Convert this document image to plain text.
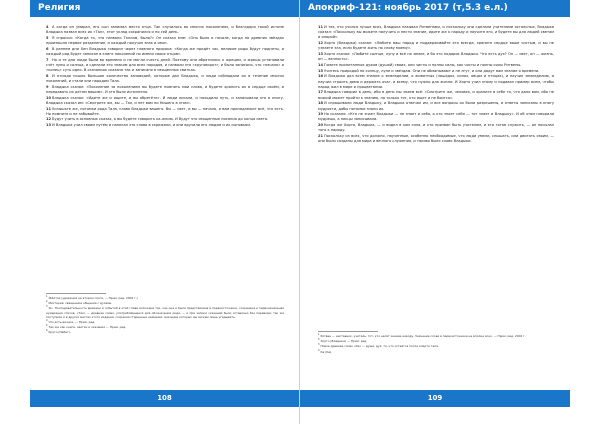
Религия

4 А когда он умирал, его сын занимал место отца. Так случилось во многих поколениях, и благодаря такой истине Владыка назвал всех их «Тал», этот уклад сохранился и по сей день.

5 Я спросил: «Когда то, что названо Таллом, было?» Он сказал мне: «Оно было в начале, когда на древних звёздах произошло первое разделение, и каждый получил знак и имя».

6 В раннем дни Хен Владыка говорил через главного пророка: «Когда же придёт час, великие роды будут подняты, и каждый род будет записан в книге поколений по имени своих отцов».

7 Но и те дни люди были во времени и не могли счесть дней. Поэтому они обратились к жрецам, и жрецы установили счёт луны и солнца, и сделали это знаком для всех народов, и назвали это «круговорот»; и было записано, что «начало» и «конец» суть одно. В сказаниях сказано так и записано в священных свитках.

8 И отсюда пошло большое количество заповедей, которые дал Владыка, и люди соблюдали их в течение многих поколений, и стали они народом Тала.

9 Владыка сказал: «Поколение за поколением вы будете помнить мои слова, и будете хранить их в сердце своём, и передавать их детям вашим». И это было исполнено.

10Владыка сказал: «Идите же и ищите, и вы обретёте». И люди искали, и находили путь, и записывали это в книгу. Владыка сказал им: «Смотрите же, вы — Тал, и нет вам ни Нишего в этом».

11Услышьте же, потомки рода Тала, слово Владыки вашего. Вы — свет, и вы — начало, и вам принадлежит всё, что есть. Но помните и не забывайте.

12Будут учить в основных сказах, а вы будете говорить ка-жнию. И будут это священные писания до конца света.

13И Владыка учил своим путём и написал это слово в скрижали, и они вручили его людям и их сыновьям.

$^1$ Жёлтое (ударение на втором слоге, — Прим. ред. 2002 г.)

$^2$ Мистерия; священное общение с духами.

$^3$ Sic. Последовательность времени и событий в этой главе изложена так, как она и была представлена в первоисточнике; сохранена и первоначальная нумерация стихов. «Тал» — древнее слово, употреблявшееся для обозначения рода, — и при записи сказаний было оставлено без перевода; так же поступили и в других местах этого издания, сохраняя старинные названия, значение которых мы можем лишь угадывать.

$^4$ Что есть вечное. — Прим. ред.

$^5$ Так же как книги, свитки и сказания — Прим. ред.

$^6$ Круги (Небес).

108
Апокриф-121: ноябрь 2017 (т,5.3 е.л.)

11И тех, кто учился лучше всех, Владыка называл Ритвенами, и поскольку они сделали учителями остальных, Владыка сказал: «Поскольку вы можете получить и нести знание, идите же к народу и научите его, и будете вы для людей светом и опорой».

12Хорто (Владыка) сказал: «Любите ваш народ и поддерживайте его всегда, храните сердце ваше чистым, и вы не узнаете зла, если будете жить по слову моему».

13Хорто сказал: «Любите солнце, луну и всё на земле, и бо это подарок Владыки. Что есть дух? Он — свет, он — жизнь, он — вечность».

14Гомите пропитанные духом (душой) своих, они чисты и полны силы, как чисты и полны силы Ритвены.

15Учитесь природой по солнцу, луне и звёздам. Они не обманывают и не лгут, и они дадут вам знание о времени.

16И Владыка дал всем знание о земледелии, о животных (лошадях, конях, овцах и птицах), и научил земледелию, и научил строить дома и держать очаг, и всему, что нужно для жизни. И Хорто учил этому и подавал пример всем, чтобы народ жил в мире и процветании.

17Владыка говорил в день, ибо в день мы знаем всё: «Смотрите же, человек, и храните в себе то, что дано вам, ибо не всякий может прийти к знанию, но только тот, кто ищет и не боится».

18И спрашивали люди Владыку, и Владыка отвечал им, и все вопросы их были разрешены, и ответы записаны в книгу мудрости, дабы потомки знали их.

19Но сказано: «Кто не знает Владыки — не знает и себя, а кто знает себя — тот знает и Владыку». И об этом говорили мудрецы, а писцы записывали.

20Когда же Хорто, Владыка, — и видел в ком сила, и кто призван быть учителем, и кто готов служить, — он посылал того к народу.

21Поскольку из всех, что должно, наученные, особенно необходимые, что люди умели, слышать, или двигать своим, — они были созданы для мира и вечного служения, и таково было слово Владыки.

$^1$ Ритвен — наставник, учитель; тот, кто несёт знание народу. Значение слова в первоисточнике не вполне ясно. — Прим. ред. 2002 г.

$^2$ Хорто (Владыка) — Прим. ред.

$^3$ Новое древнее слово «Ка» — душа, дух; то, что остаётся после смерти тела.

$^4$ Ка (Ка).

109
